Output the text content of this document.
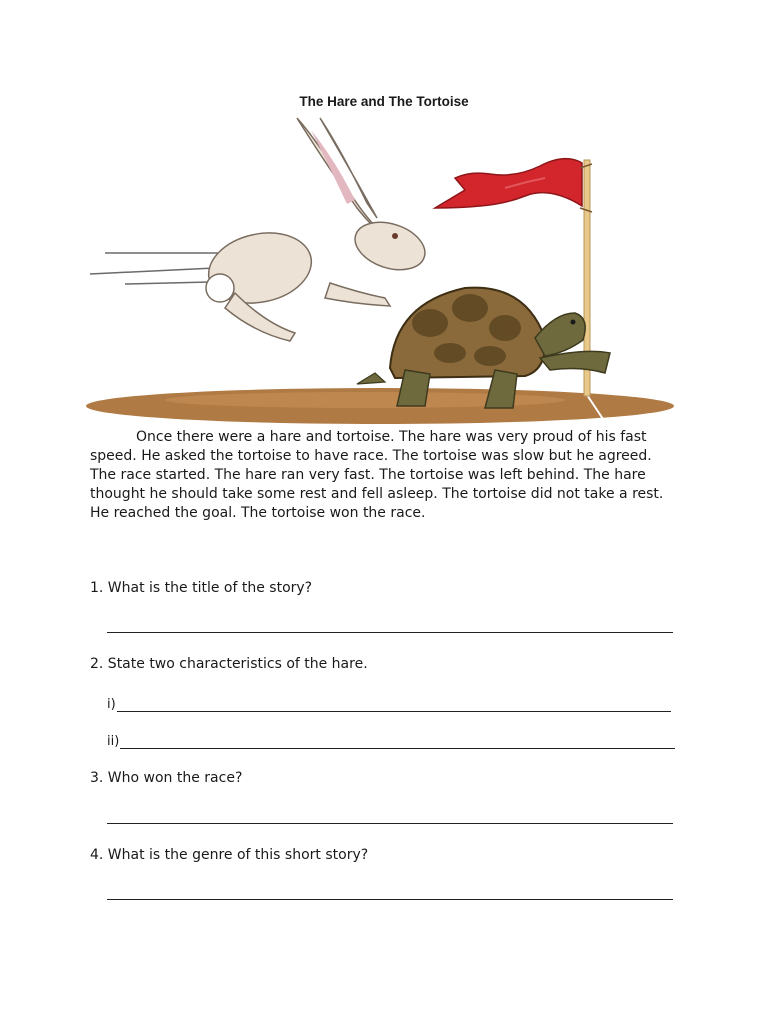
The Hare and The Tortoise
Once there were a hare and tortoise. The hare was very proud of his fast
speed. He asked the tortoise to have race. The tortoise was slow but he agreed.
The race started. The hare ran very fast. The tortoise was left behind. The hare
thought he should take some rest and fell asleep. The tortoise did not take a rest.
He reached the goal. The tortoise won the race.

1. What is the title of the story?

2. State two characteristics of the hare.

i)
ii)

3. Who won the race?

4. What is the genre of this short story?
